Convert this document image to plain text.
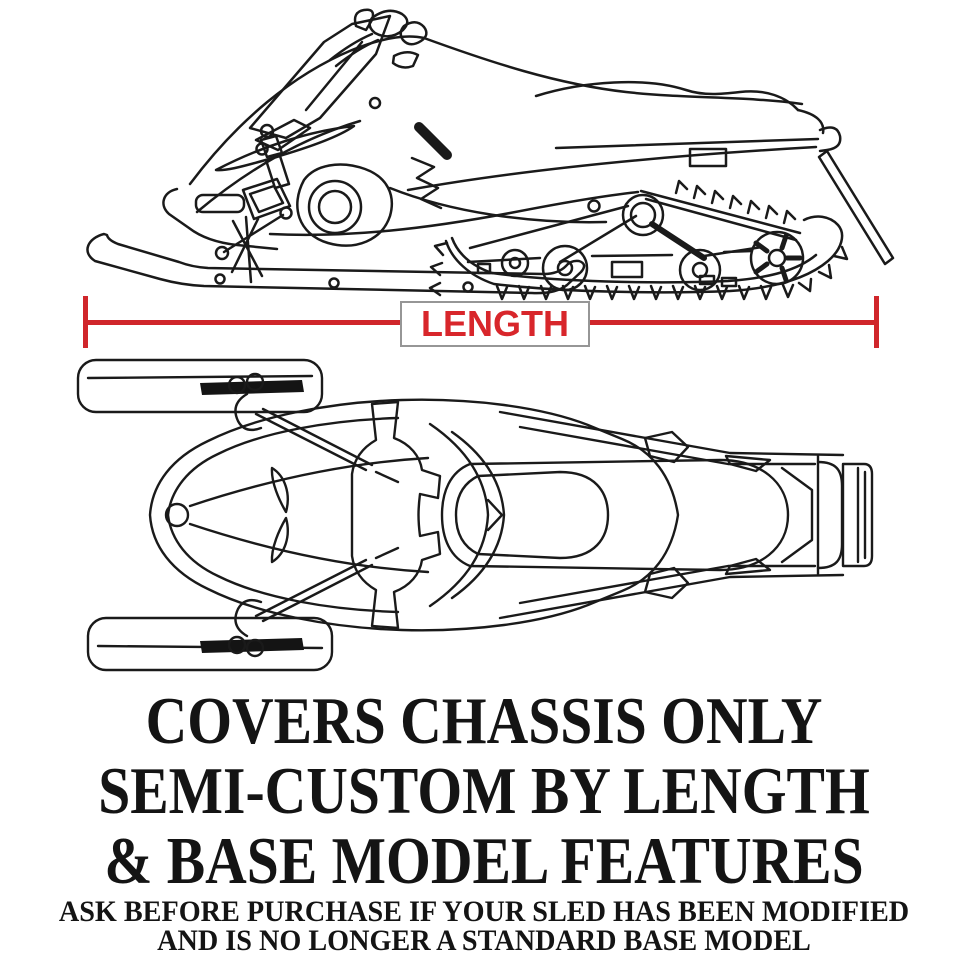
LENGTH
COVERS CHASSIS ONLY
SEMI-CUSTOM BY LENGTH
& BASE MODEL FEATURES
ASK BEFORE PURCHASE IF YOUR SLED HAS BEEN MODIFIED
AND IS NO LONGER A STANDARD BASE MODEL
